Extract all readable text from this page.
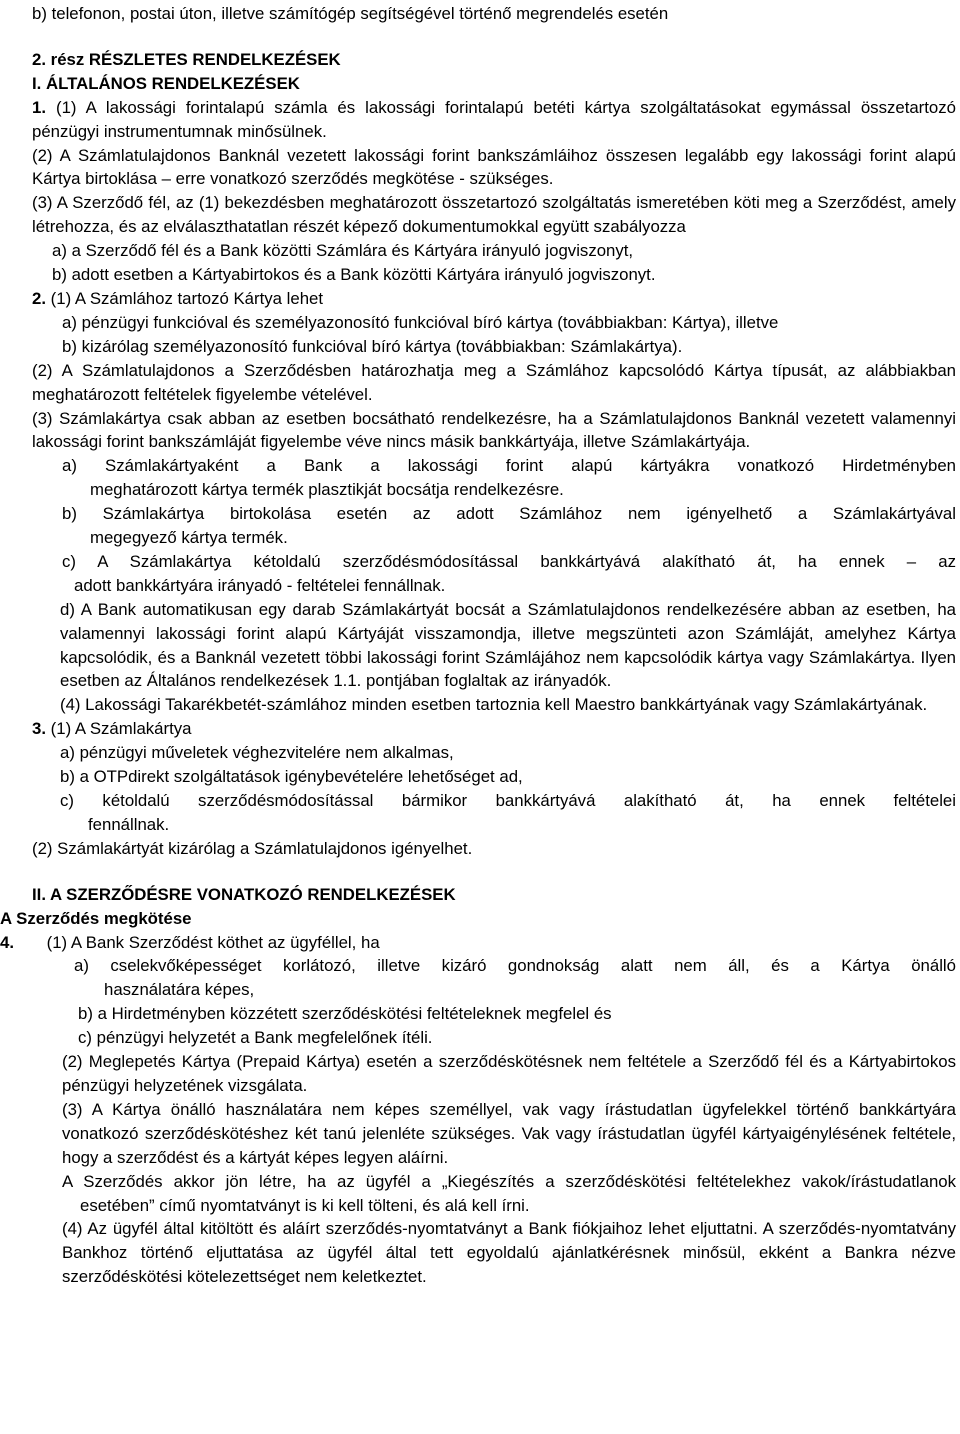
b) telefonon, postai úton, illetve számítógép segítségével történő megrendelés esetén

2. rész RÉSZLETES RENDELKEZÉSEK

I. ÁLTALÁNOS RENDELKEZÉSEK

1. (1) A lakossági forintalapú számla és lakossági forintalapú betéti kártya szolgáltatásokat egymással összetartozó pénzügyi instrumentumnak minősülnek.

(2) A Számlatulajdonos Banknál vezetett lakossági forint bankszámláihoz összesen legalább egy lakossági forint alapú Kártya birtoklása – erre vonatkozó szerződés megkötése - szükséges.

(3) A Szerződő fél, az (1) bekezdésben meghatározott összetartozó szolgáltatás ismeretében köti meg a Szerződést, amely létrehozza, és az elválaszthatatlan részét képező dokumentumokkal együtt szabályozza

a) a Szerződő fél és a Bank közötti Számlára és Kártyára irányuló jogviszonyt,

b) adott esetben a Kártyabirtokos és a Bank közötti Kártyára irányuló jogviszonyt.

2. (1) A Számlához tartozó Kártya lehet

a) pénzügyi funkcióval és személyazonosító funkcióval bíró kártya (továbbiakban: Kártya), illetve

b) kizárólag személyazonosító funkcióval bíró kártya (továbbiakban: Számlakártya).

(2) A Számlatulajdonos a Szerződésben határozhatja meg a Számlához kapcsolódó Kártya típusát, az alábbiakban meghatározott feltételek figyelembe vételével.

(3) Számlakártya csak abban az esetben bocsátható rendelkezésre, ha a Számlatulajdonos Banknál vezetett valamennyi lakossági forint bankszámláját figyelembe véve nincs másik bankkártyája, illetve Számlakártyája.

a) Számlakártyaként a Bank a lakossági forint alapú kártyákra vonatkozó Hirdetményben

meghatározott kártya termék plasztikját bocsátja rendelkezésre.

b) Számlakártya birtokolása esetén az adott Számlához nem igényelhető a Számlakártyával

megegyező kártya termék.

c) A Számlakártya kétoldalú szerződésmódosítással bankkártyává alakítható át, ha ennek – az

adott bankkártyára irányadó - feltételei fennállnak.

d) A Bank automatikusan egy darab Számlakártyát bocsát a Számlatulajdonos rendelkezésére abban az esetben, ha valamennyi lakossági forint alapú Kártyáját visszamondja, illetve megszünteti azon Számláját, amelyhez Kártya kapcsolódik, és a Banknál vezetett többi lakossági forint Számlájához nem kapcsolódik kártya vagy Számlakártya. Ilyen esetben az Általános rendelkezések 1.1. pontjában foglaltak az irányadók.

(4) Lakossági Takarékbetét-számlához minden esetben tartoznia kell Maestro bankkártyának vagy Számlakártyának.

3. (1) A Számlakártya

a) pénzügyi műveletek véghezvitelére nem alkalmas,

b) a OTPdirekt szolgáltatások igénybevételére lehetőséget ad,

c) kétoldalú szerződésmódosítással bármikor bankkártyává alakítható át, ha ennek feltételei

fennállnak.

(2) Számlakártyát kizárólag a Számlatulajdonos igényelhet.

II. A SZERZŐDÉSRE VONATKOZÓ RENDELKEZÉSEK

A Szerződés megkötése

4.       (1) A Bank Szerződést köthet az ügyféllel, ha

a) cselekvőképességet korlátozó, illetve kizáró gondnokság alatt nem áll, és a Kártya önálló

használatára képes,

b) a Hirdetményben közzétett szerződéskötési feltételeknek megfelel és

c) pénzügyi helyzetét a Bank megfelelőnek ítéli.

(2) Meglepetés Kártya (Prepaid Kártya) esetén a szerződéskötésnek nem feltétele a Szerződő fél és a Kártyabirtokos pénzügyi helyzetének vizsgálata.

(3) A Kártya önálló használatára nem képes személlyel, vak vagy írástudatlan ügyfelekkel történő bankkártyára vonatkozó szerződéskötéshez két tanú jelenléte szükséges. Vak vagy írástudatlan ügyfél kártyaigénylésének feltétele, hogy a szerződést és a kártyát képes legyen aláírni.

A Szerződés akkor jön létre, ha az ügyfél a „Kiegészítés a szerződéskötési feltételekhez vakok/írástudatlanok

esetében” című nyomtatványt is ki kell tölteni, és alá kell írni.

(4) Az ügyfél által kitöltött és aláírt szerződés-nyomtatványt a Bank fiókjaihoz lehet eljuttatni. A szerződés-nyomtatvány Bankhoz történő eljuttatása az ügyfél által tett egyoldalú ajánlatkérésnek minősül, ekként a Bankra nézve szerződéskötési kötelezettséget nem keletkeztet.
